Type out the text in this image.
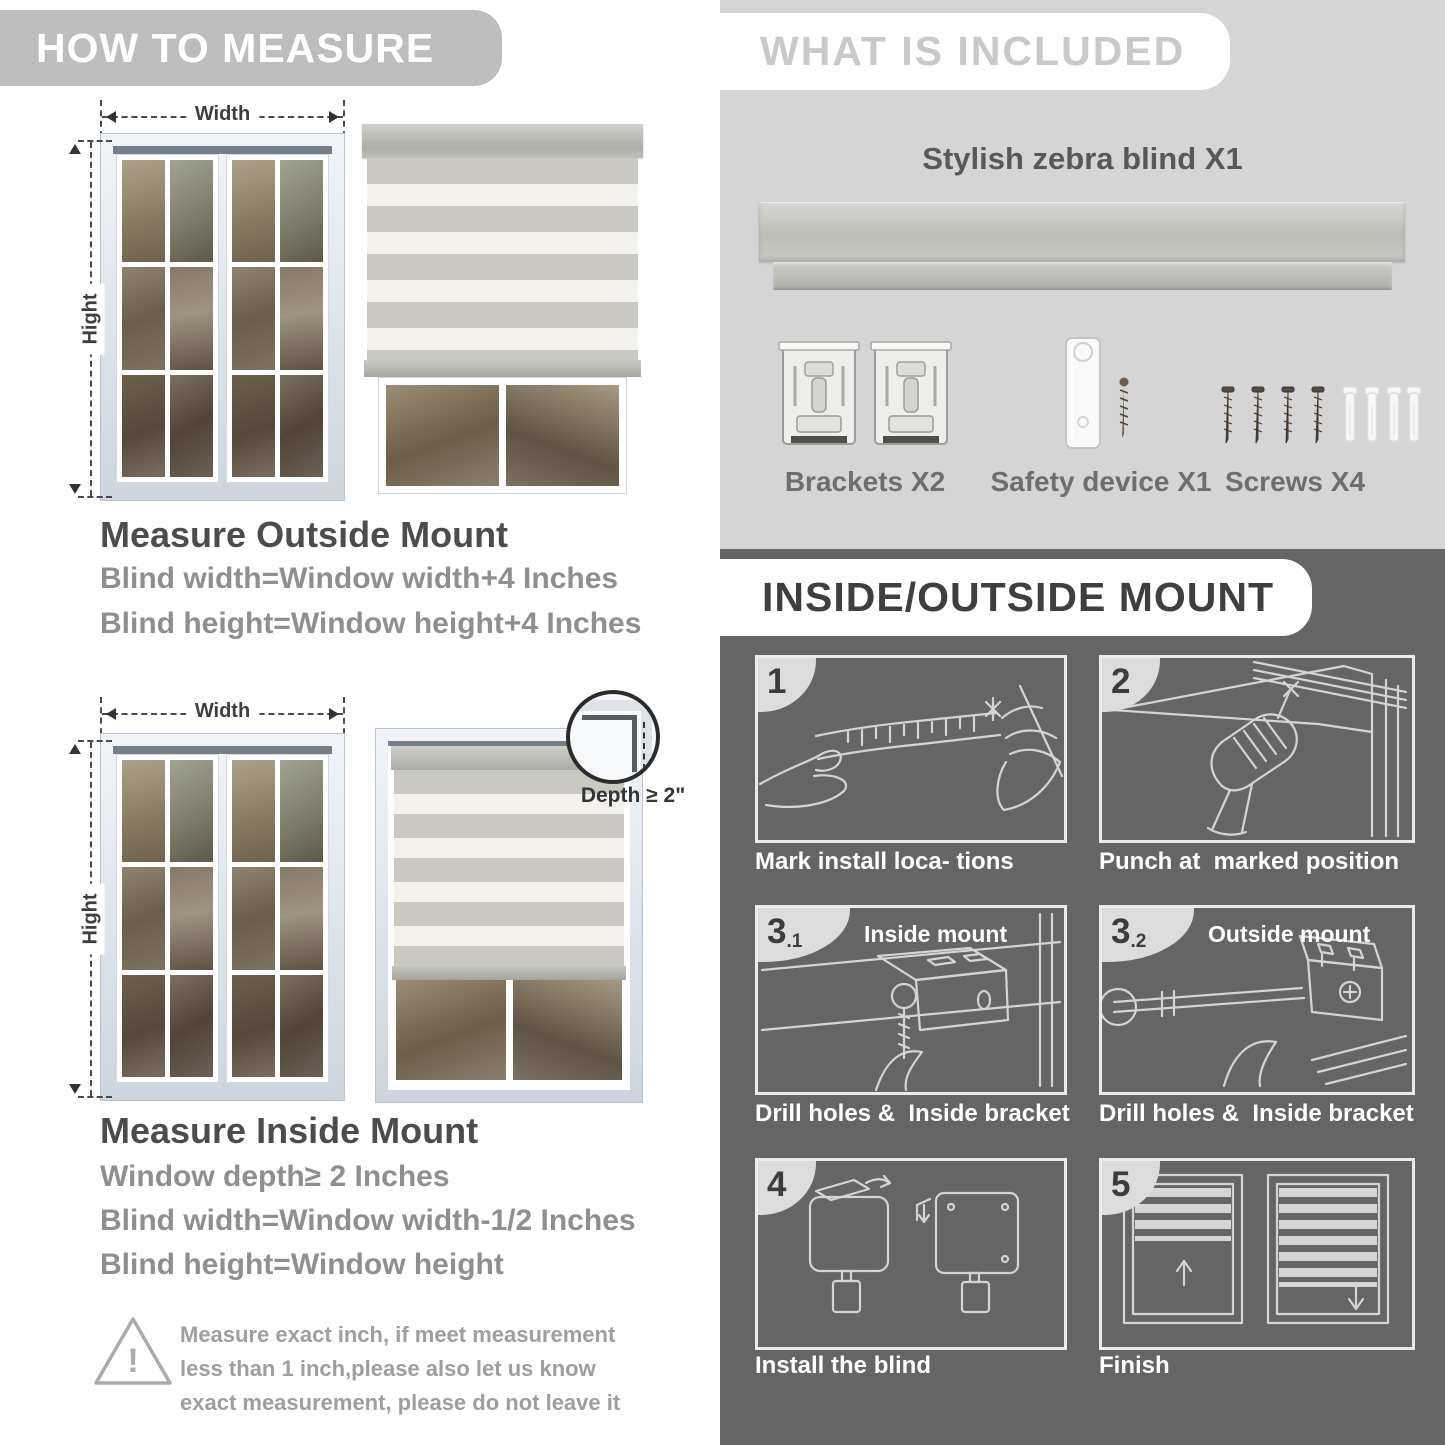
HOW TO MEASURE
Width
Hight
Measure Outside Mount
Blind width=Window width+4 Inches
Blind height=Window height+4 Inches
Width
Hight
Depth ≥ 2"
Measure Inside Mount
Window depth≥ 2 Inches
Blind width=Window width-1/2 Inches
Blind height=Window height
!
Measure exact inch, if meet measurement less than 1 inch,please also let us know exact measurement, please do not leave it
WHAT IS INCLUDED
Stylish zebra blind X1
Brackets X2	Safety device X1 Screws X4
INSIDE/OUTSIDE MOUNT
1
Mark install loca- tions
2
Punch at  marked position
3.1	Inside mount
Drill holes &  Inside bracket
3.2	Outside mount
Drill holes &  Inside bracket
4
Install the blind
5
Finish
